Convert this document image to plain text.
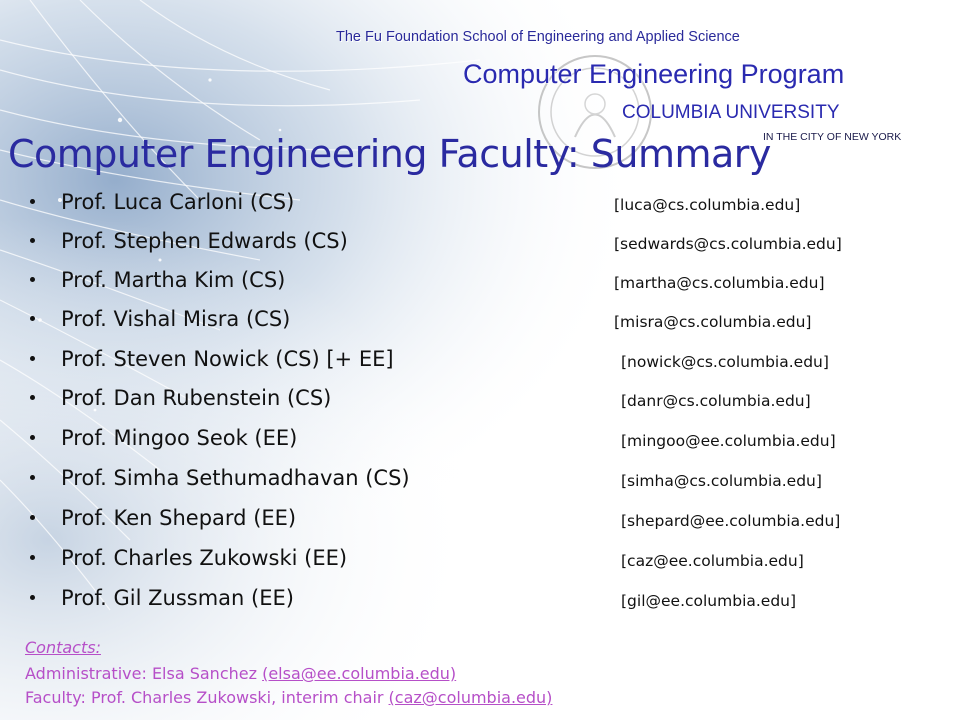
The Fu Foundation School of Engineering and Applied Science
Computer Engineering Program
COLUMBIA UNIVERSITY
IN THE CITY OF NEW YORK
Computer Engineering Faculty: Summary
Prof. Luca Carloni (CS)	[luca@cs.columbia.edu]
Prof. Stephen Edwards (CS)	[sedwards@cs.columbia.edu]
Prof. Martha Kim (CS)	[martha@cs.columbia.edu]
Prof. Vishal Misra (CS)	[misra@cs.columbia.edu]
Prof. Steven Nowick (CS) [+ EE]	[nowick@cs.columbia.edu]
Prof. Dan Rubenstein (CS)	[danr@cs.columbia.edu]
Prof. Mingoo Seok (EE)	[mingoo@ee.columbia.edu]
Prof. Simha Sethumadhavan (CS)	[simha@cs.columbia.edu]
Prof. Ken Shepard (EE)	[shepard@ee.columbia.edu]
Prof. Charles Zukowski (EE)	[caz@ee.columbia.edu]
Prof. Gil Zussman (EE)	[gil@ee.columbia.edu]
Contacts:
Administrative: Elsa Sanchez (elsa@ee.columbia.edu)
Faculty: Prof. Charles Zukowski, interim chair (caz@columbia.edu)
